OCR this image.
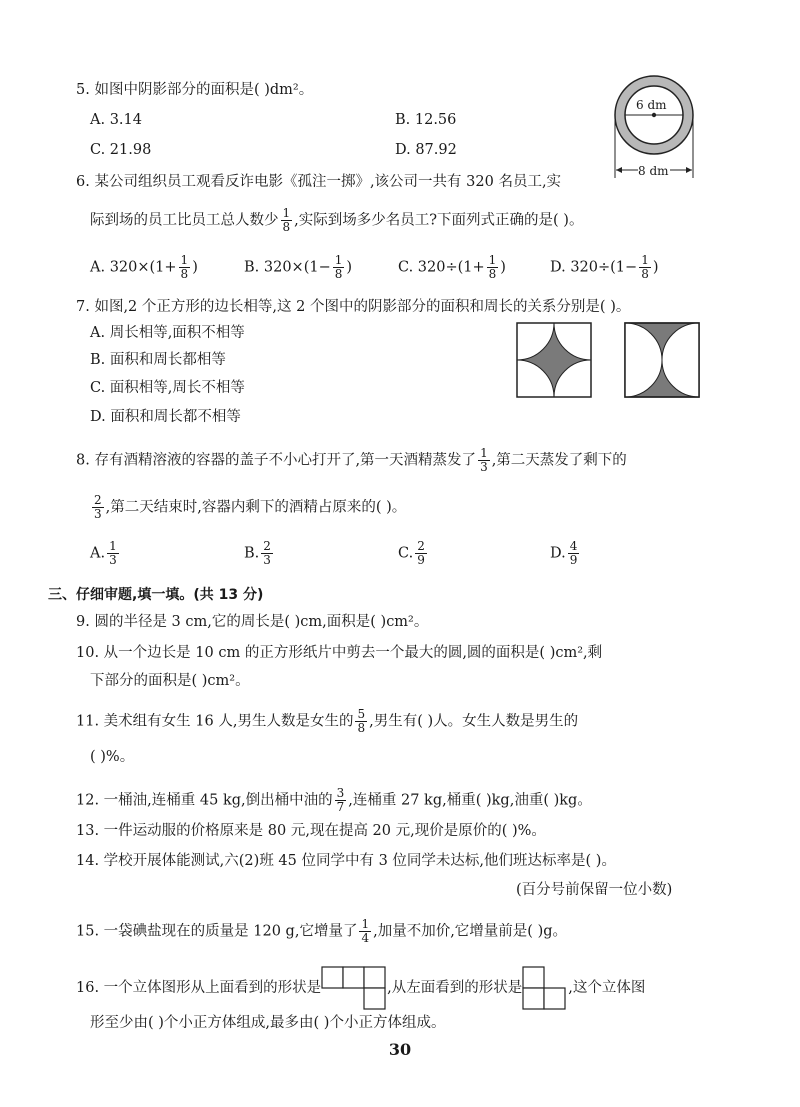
5. 如图中阴影部分的面积是( )dm²。
A. 3.14	B. 12.56
C. 21.98	D. 87.92
6 dm
8 dm
6. 某公司组织员工观看反诈电影《孤注一掷》,该公司一共有 320 名员工,实
际到场的员工比员工总人数少 $\frac{1}{8}$ ,实际到场多少名员工?下面列式正确的是( )。
A. $320\times(1+ \frac{1}{8}$ )	B. $320\times(1- \frac{1}{8}$ )	C. $320\div(1+ \frac{1}{8}$ )	D. $320\div(1- \frac{1}{8}$ )
7. 如图,2 个正方形的边长相等,这 2 个图中的阴影部分的面积和周长的关系分别是( )。
A. 周长相等,面积不相等
B. 面积和周长都相等
C. 面积相等,周长不相等
D. 面积和周长都不相等
8. 存有酒精溶液的容器的盖子不小心打开了,第一天酒精蒸发了 $\frac{1}{3}$ ,第二天蒸发了剩下的
$\frac{2}{3}$ ,第二天结束时,容器内剩下的酒精占原来的( )。
A. $\frac{1}{3}$	B. $\frac{2}{3}$	C. $\frac{2}{9}$	D. $\frac{4}{9}$
三、仔细审题,填一填。(共 13 分)
9. 圆的半径是 3 cm,它的周长是( )cm,面积是( )cm²。
10. 从一个边长是 10 cm 的正方形纸片中剪去一个最大的圆,圆的面积是( )cm²,剩
下部分的面积是( )cm²。
11. 美术组有女生 16 人,男生人数是女生的 $\frac{5}{8}$ ,男生有( )人。女生人数是男生的
( )%。
12. 一桶油,连桶重 45 kg,倒出桶中油的 $\frac{3}{7}$ ,连桶重 27 kg,桶重( )kg,油重( )kg。
13. 一件运动服的价格原来是 80 元,现在提高 20 元,现价是原价的( )%。
14. 学校开展体能测试,六(2)班 45 位同学中有 3 位同学未达标,他们班达标率是( )。
(百分号前保留一位小数)
15. 一袋碘盐现在的质量是 120 g,它增量了 $\frac{1}{4}$ ,加量不加价,它增量前是( )g。
16. 一个立体图形从上面看到的形状是	,从左面看到的形状是	,这个立体图
形至少由( )个小正方体组成,最多由( )个小正方体组成。
30
